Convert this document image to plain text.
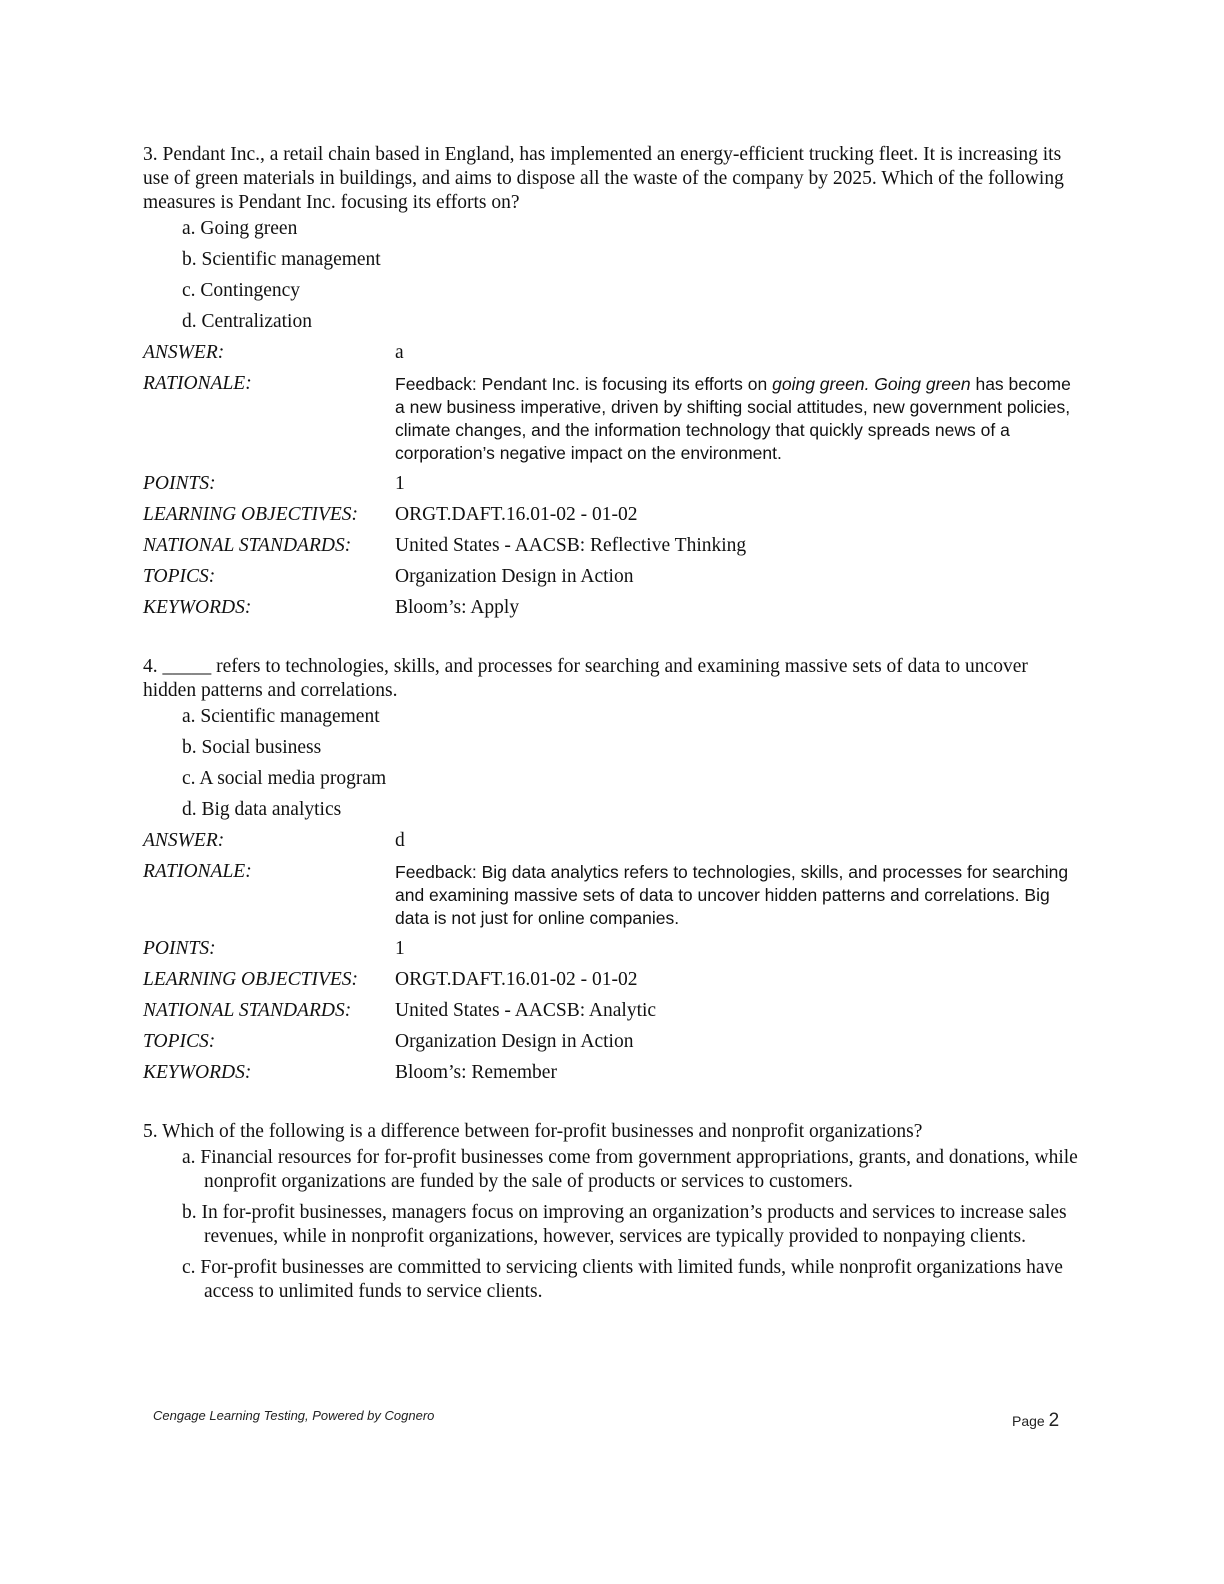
3. Pendant Inc., a retail chain based in England, has implemented an energy-efficient trucking fleet. It is increasing its use of green materials in buildings, and aims to dispose all the waste of the company by 2025. Which of the following measures is Pendant Inc. focusing its efforts on?

a. Going green
b. Scientific management
c. Contingency
d. Centralization
ANSWER:	a
RATIONALE:	Feedback: Pendant Inc. is focusing its efforts on going green. Going green has become a new business imperative, driven by shifting social attitudes, new government policies, climate changes, and the information technology that quickly spreads news of a corporation’s negative impact on the environment.
POINTS:	1
LEARNING OBJECTIVES:	ORGT.DAFT.16.01-02 - 01-02
NATIONAL STANDARDS:	United States - AACSB: Reflective Thinking
TOPICS:	Organization Design in Action
KEYWORDS:	Bloom’s: Apply

4. _____ refers to technologies, skills, and processes for searching and examining massive sets of data to uncover hidden patterns and correlations.

a. Scientific management
b. Social business
c. A social media program
d. Big data analytics
ANSWER:	d
RATIONALE:	Feedback: Big data analytics refers to technologies, skills, and processes for searching and examining massive sets of data to uncover hidden patterns and correlations. Big data is not just for online companies.
POINTS:	1
LEARNING OBJECTIVES:	ORGT.DAFT.16.01-02 - 01-02
NATIONAL STANDARDS:	United States - AACSB: Analytic
TOPICS:	Organization Design in Action
KEYWORDS:	Bloom’s: Remember

5. Which of the following is a difference between for-profit businesses and nonprofit organizations?

a. Financial resources for for-profit businesses come from government appropriations, grants, and donations, while nonprofit organizations are funded by the sale of products or services to customers.
b. In for-profit businesses, managers focus on improving an organization’s products and services to increase sales revenues, while in nonprofit organizations, however, services are typically provided to nonpaying clients.
c. For-profit businesses are committed to servicing clients with limited funds, while nonprofit organizations have access to unlimited funds to service clients.
Cengage Learning Testing, Powered by Cognero	Page 2
